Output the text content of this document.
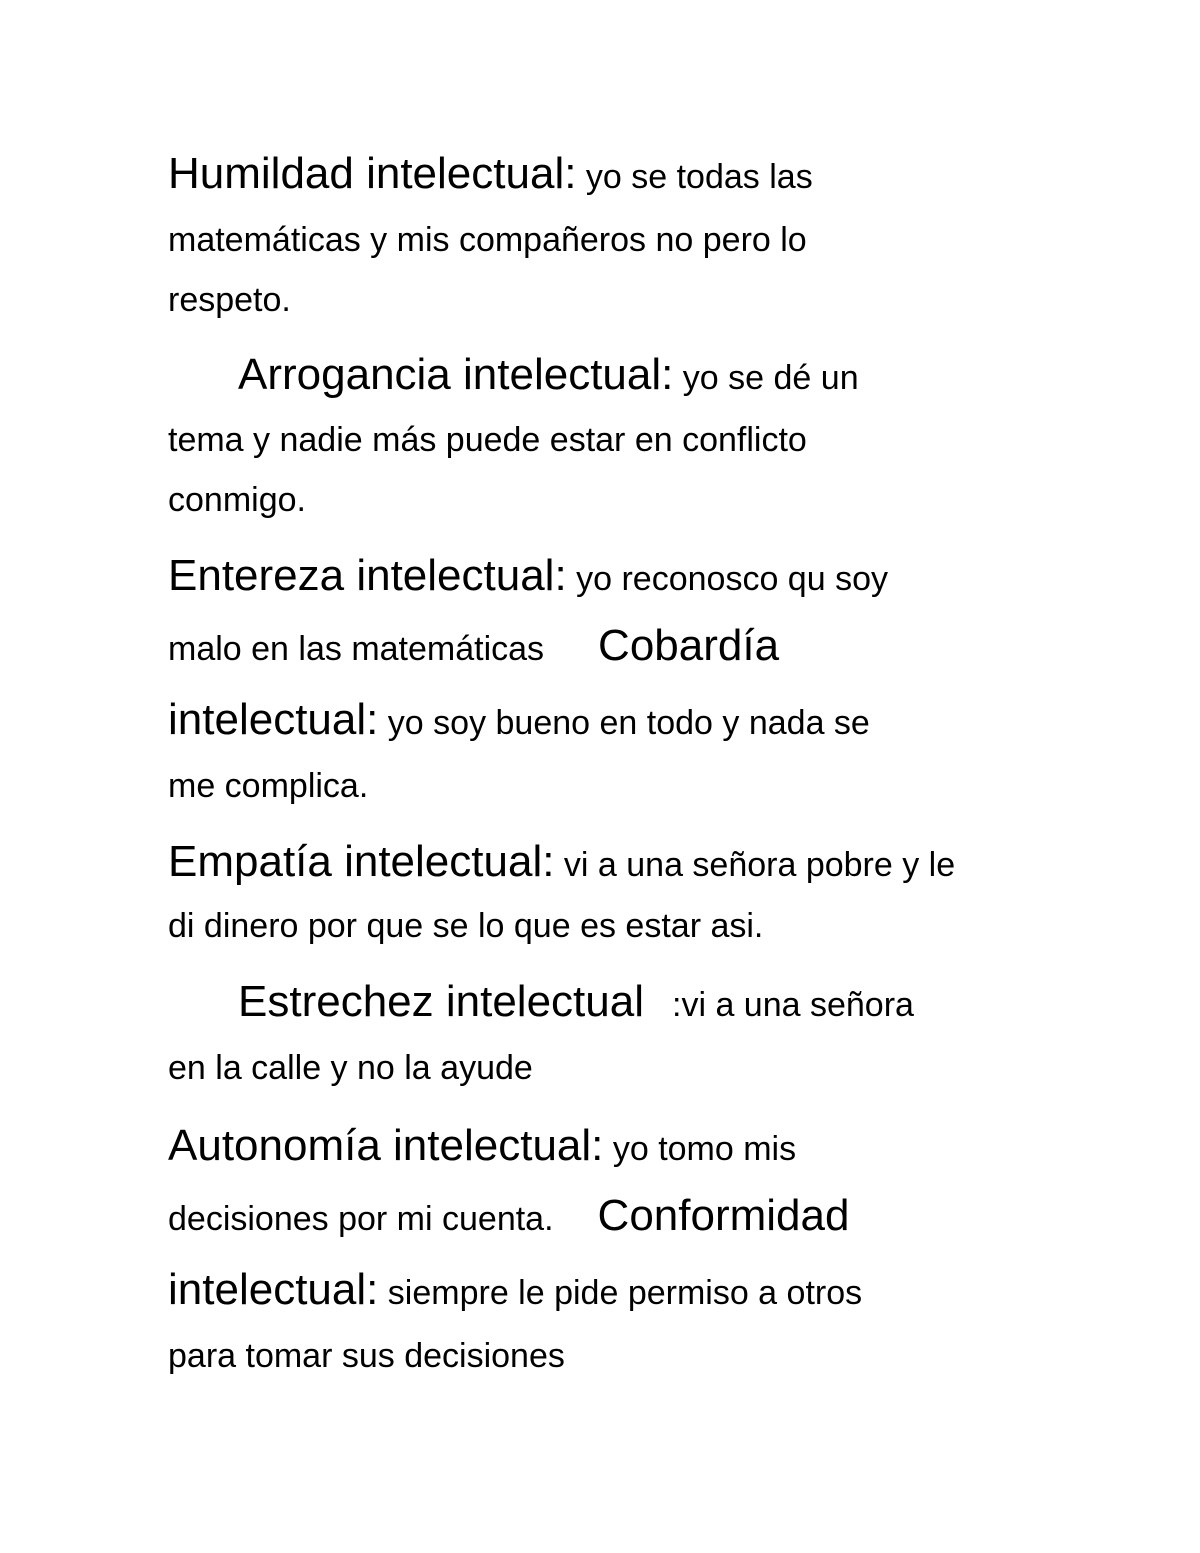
Humildad intelectual: yo se todas las
matemáticas y mis compañeros no pero lo
respeto.
Arrogancia intelectual: yo se dé un
tema y nadie más puede estar en conflicto
conmigo.
Entereza intelectual: yo reconosco qu soy
malo en las matemáticas Cobardía
intelectual: yo soy bueno en todo y nada se
me complica.
Empatía intelectual: vi a una señora pobre y le
di dinero por que se lo que es estar asi.
Estrechez intelectual :vi a una señora
en la calle y no la ayude
Autonomía intelectual: yo tomo mis
decisiones por mi cuenta. Conformidad
intelectual: siempre le pide permiso a otros
para tomar sus decisiones
